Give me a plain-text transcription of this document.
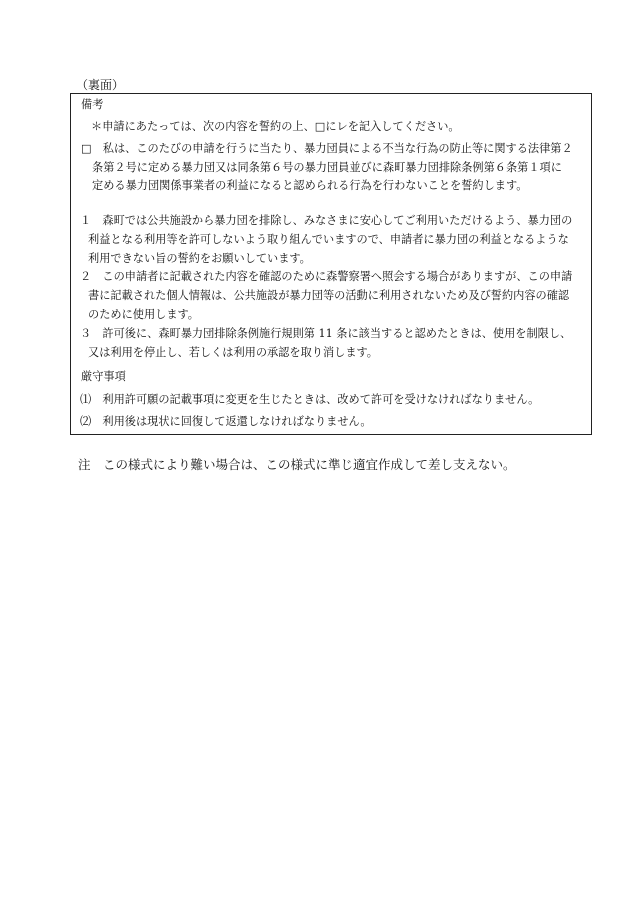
（裏面）
備考
＊申請にあたっては、次の内容を誓約の上、□にレを記入してください。
□　私は、このたびの申請を行うに当たり、暴力団員による不当な行為の防止等に関する法律第２
条第２号に定める暴力団又は同条第６号の暴力団員並びに森町暴力団排除条例第６条第１項に
定める暴力団関係事業者の利益になると認められる行為を行わないことを誓約します。
１　森町では公共施設から暴力団を排除し、みなさまに安心してご利用いただけるよう、暴力団の
利益となる利用等を許可しないよう取り組んでいますので、申請者に暴力団の利益となるような
利用できない旨の誓約をお願いしています。
２　この申請者に記載された内容を確認のために森警察署へ照会する場合がありますが、この申請
書に記載された個人情報は、公共施設が暴力団等の活動に利用されないため及び誓約内容の確認
のために使用します。
３　許可後に、森町暴力団排除条例施行規則第 11 条に該当すると認めたときは、使用を制限し、
又は利用を停止し、若しくは利用の承認を取り消します。
厳守事項
⑴　利用許可願の記載事項に変更を生じたときは、改めて許可を受けなければなりません。
⑵　利用後は現状に回復して返還しなければなりません。
注　この様式により難い場合は、この様式に準じ適宜作成して差し支えない。
